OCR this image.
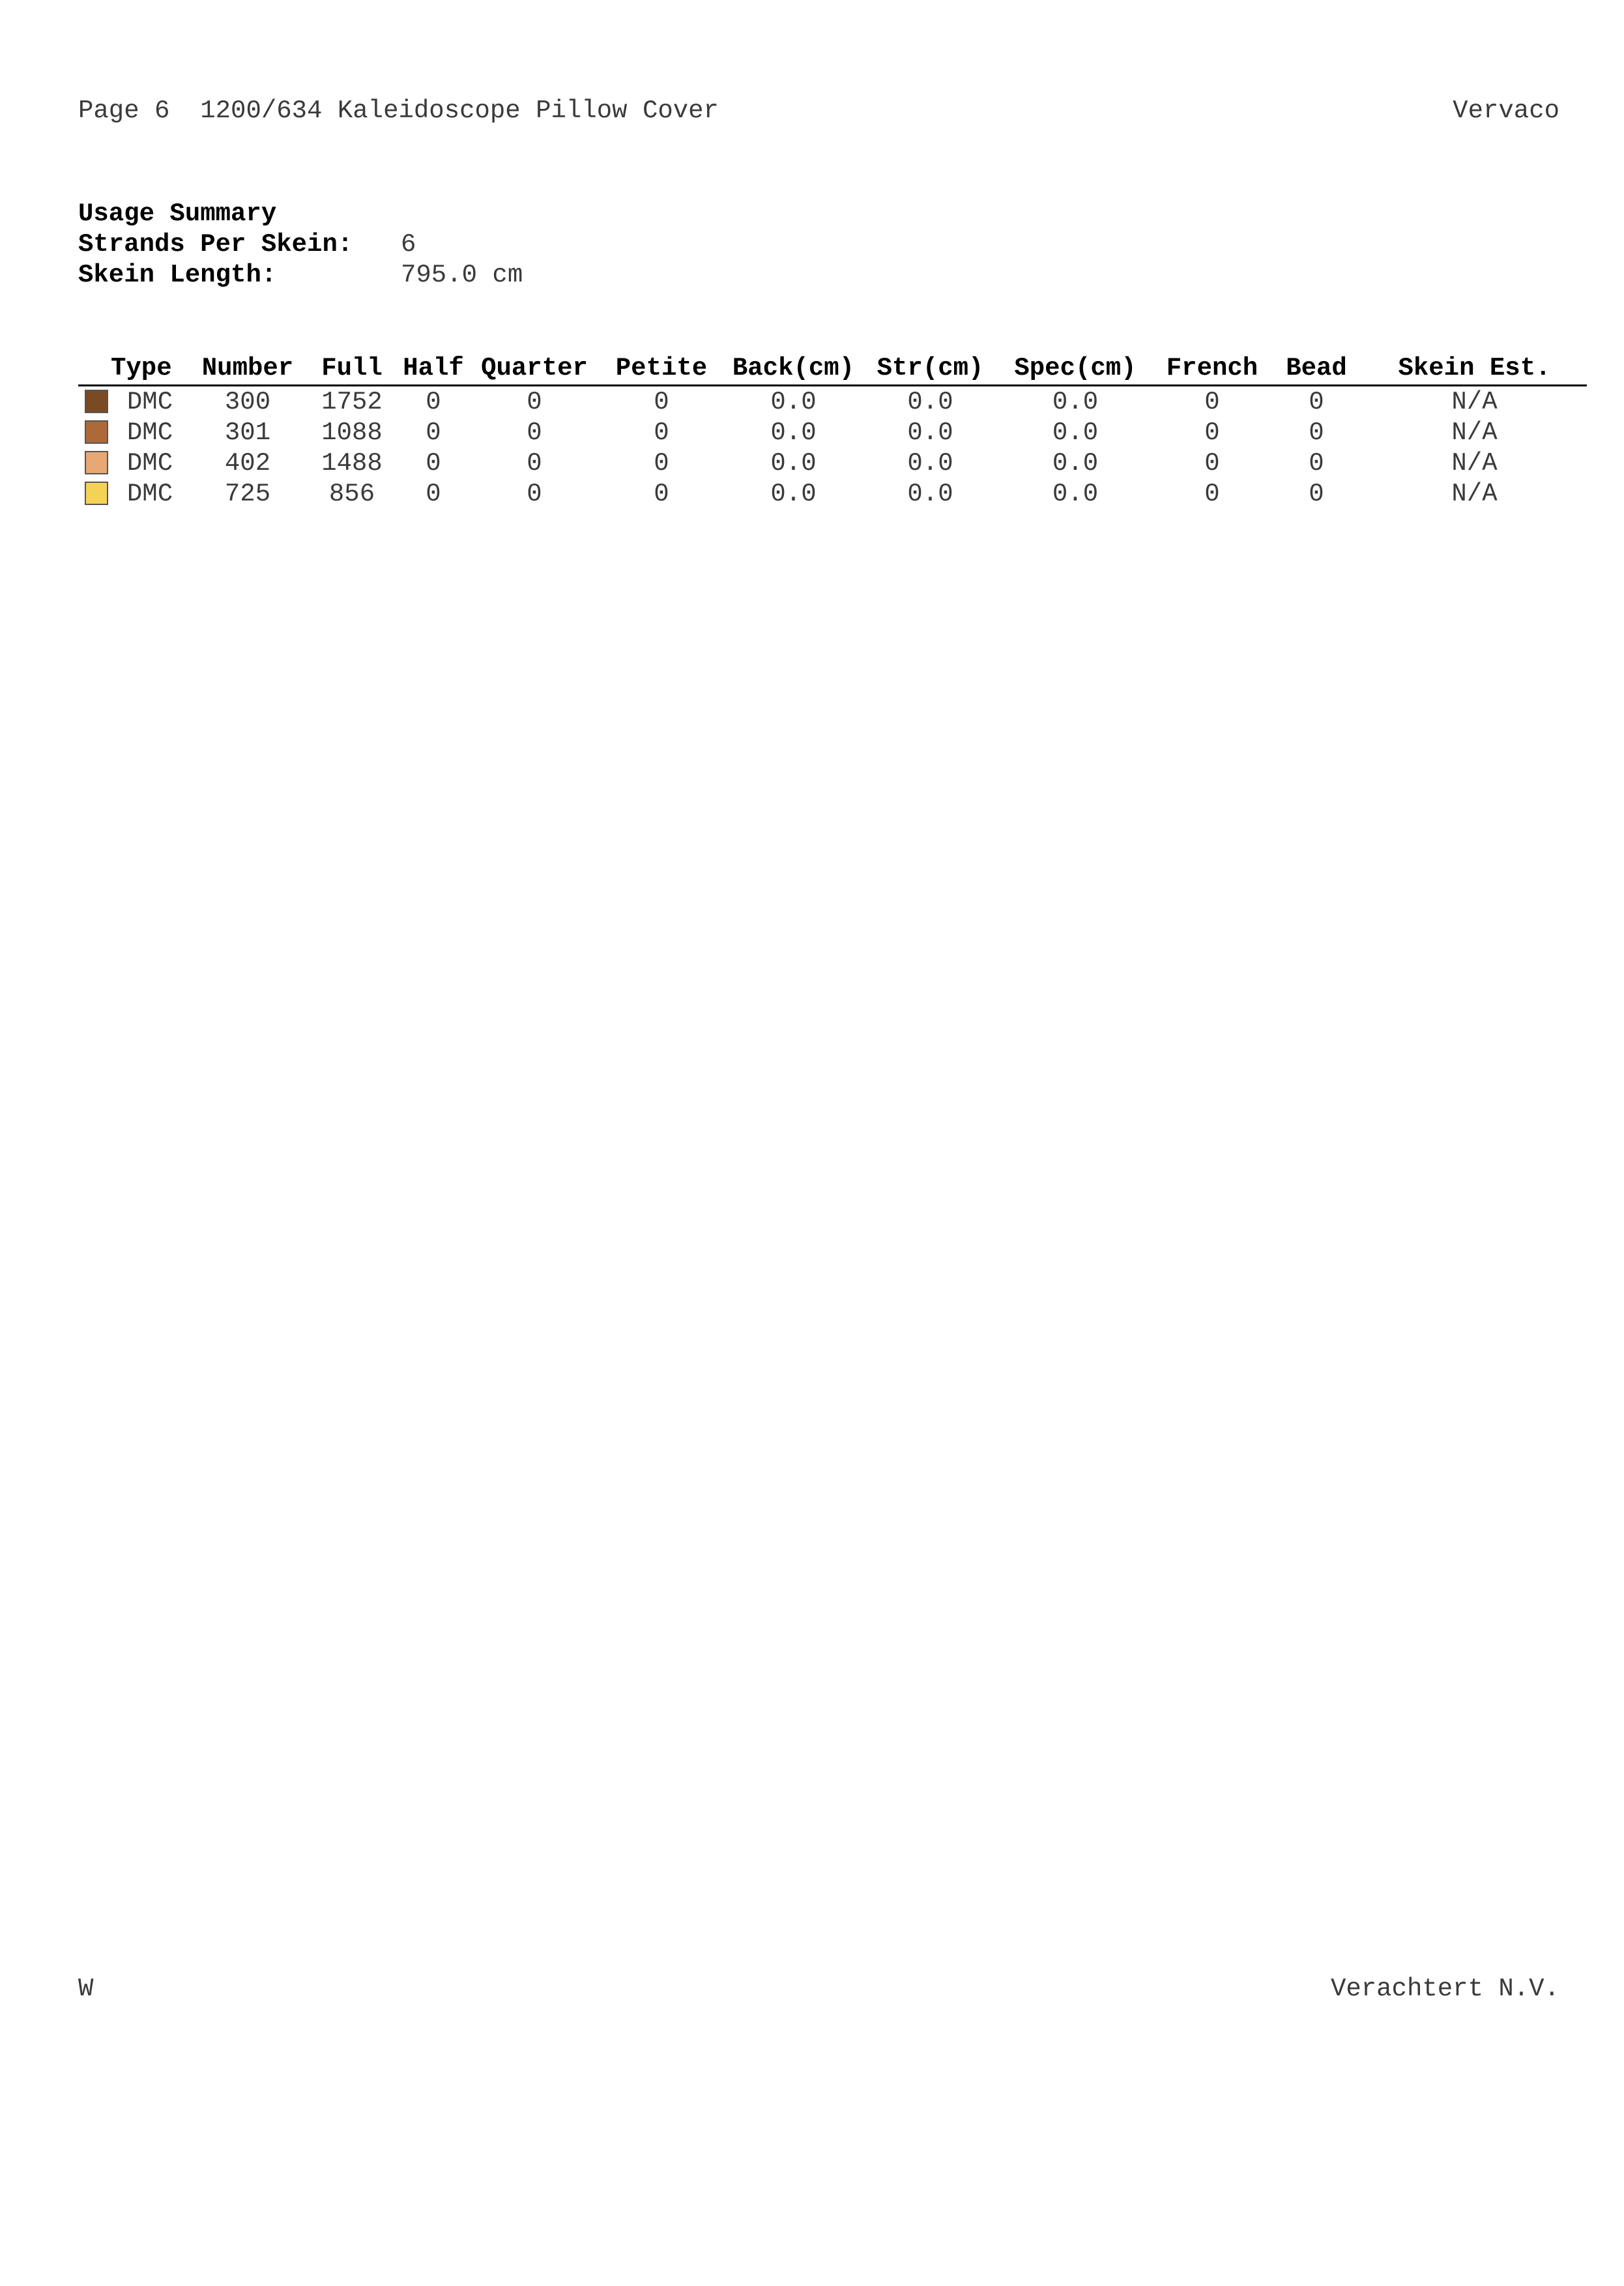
Page 6  1200/634 Kaleidoscope Pillow Cover	Vervaco
Usage Summary
Strands Per Skein:	6
Skein Length:	795.0 cm
	Type	Number	Full	Half	Quarter	Petite	Back(cm)	Str(cm)	Spec(cm)	French	Bead	Skein Est.
	DMC	300	1752	0	0	0	0.0	0.0	0.0	0	0	N/A
	DMC	301	1088	0	0	0	0.0	0.0	0.0	0	0	N/A
	DMC	402	1488	0	0	0	0.0	0.0	0.0	0	0	N/A
	DMC	725	856	0	0	0	0.0	0.0	0.0	0	0	N/A
W	Verachtert N.V.
